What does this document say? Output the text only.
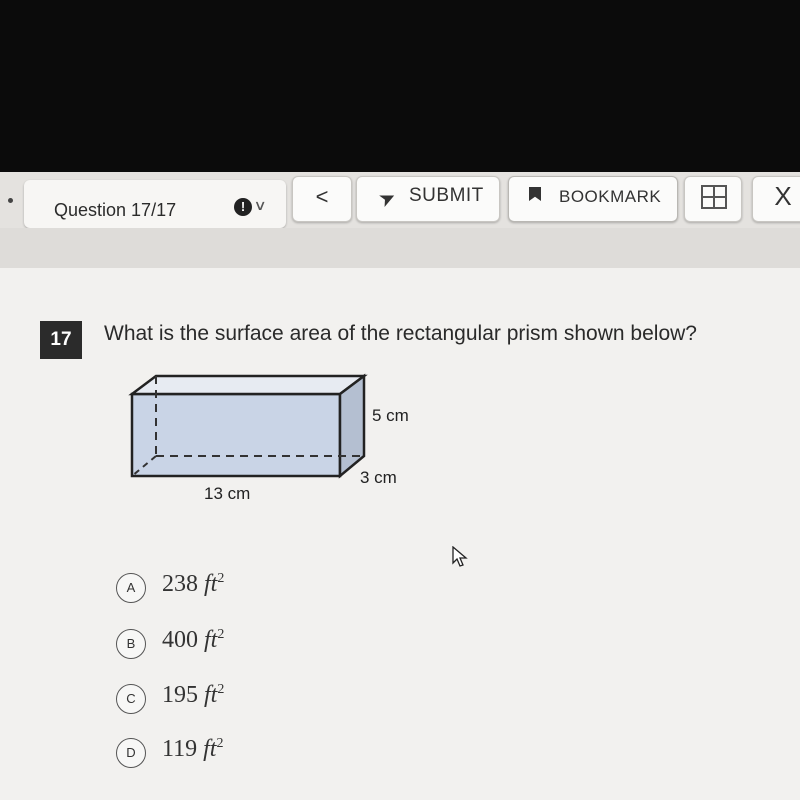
Question 17/17	! ∨	<	➤ SUBMIT	BOOKMARK	X
17	What is the surface area of the rectangular prism shown below?
5 cm
3 cm
13 cm
A	238 $ft^2$
B	400 $ft^2$
C	195 $ft^2$
D	119 $ft^2$
